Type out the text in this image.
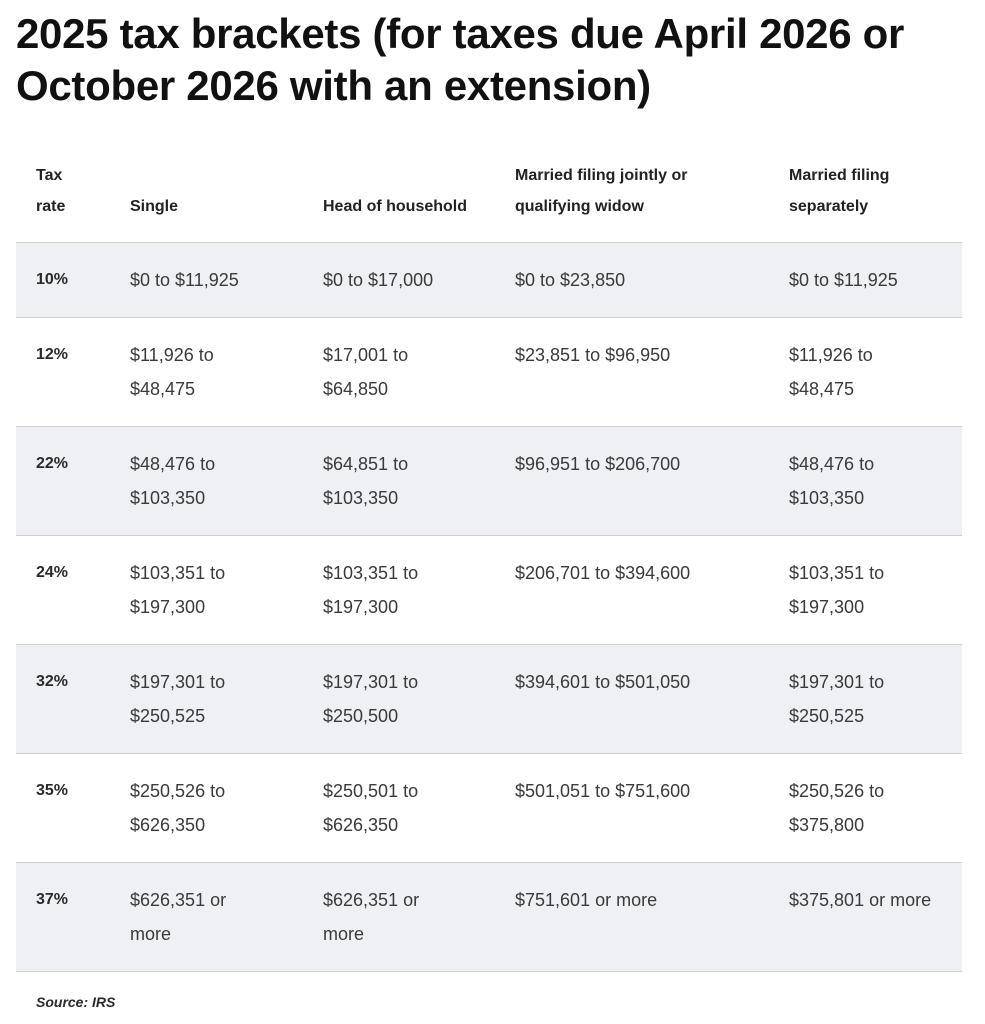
2025 tax brackets (for taxes due April 2026 or October 2026 with an extension)
Tax rate	Single	Head of household	Married filing jointly or qualifying widow	Married filing separately
10%	$0 to $11,925	$0 to $17,000	$0 to $23,850	$0 to $11,925
12%	$11,926 to $48,475	$17,001 to $64,850	$23,851 to $96,950	$11,926 to $48,475
22%	$48,476 to $103,350	$64,851 to $103,350	$96,951 to $206,700	$48,476 to $103,350
24%	$103,351 to $197,300	$103,351 to $197,300	$206,701 to $394,600	$103,351 to $197,300
32%	$197,301 to $250,525	$197,301 to $250,500	$394,601 to $501,050	$197,301 to $250,525
35%	$250,526 to $626,350	$250,501 to $626,350	$501,051 to $751,600	$250,526 to $375,800
37%	$626,351 or more	$626,351 or more	$751,601 or more	$375,801 or more
Source: IRS
